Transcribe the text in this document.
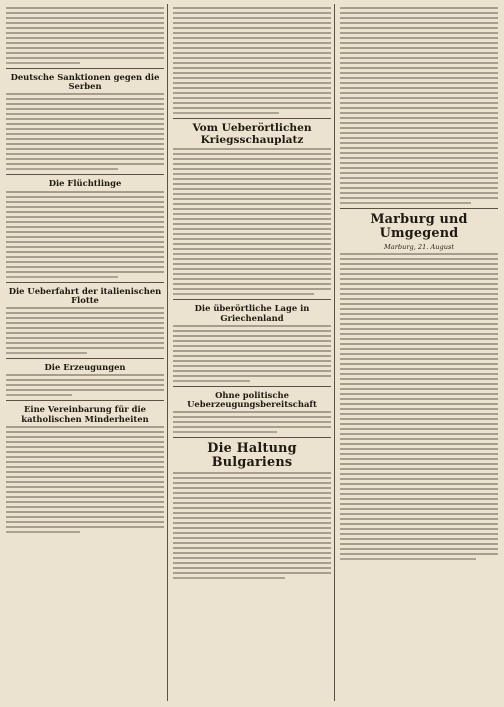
Deutsche Sanktionen gegen die Serben
Die Flüchtlinge
Die Ueberfahrt der italienischen Flotte
Die Erzeugungen
Eine Vereinbarung für die katholischen Minderheiten
Vom Ueberörtlichen Kriegsschauplatz
Die überörtliche Lage in Griechenland
Ohne politische Ueberzeugungsbereitschaft
Die Haltung Bulgariens
Marburg und Umgegend
Marburg, 21. August
